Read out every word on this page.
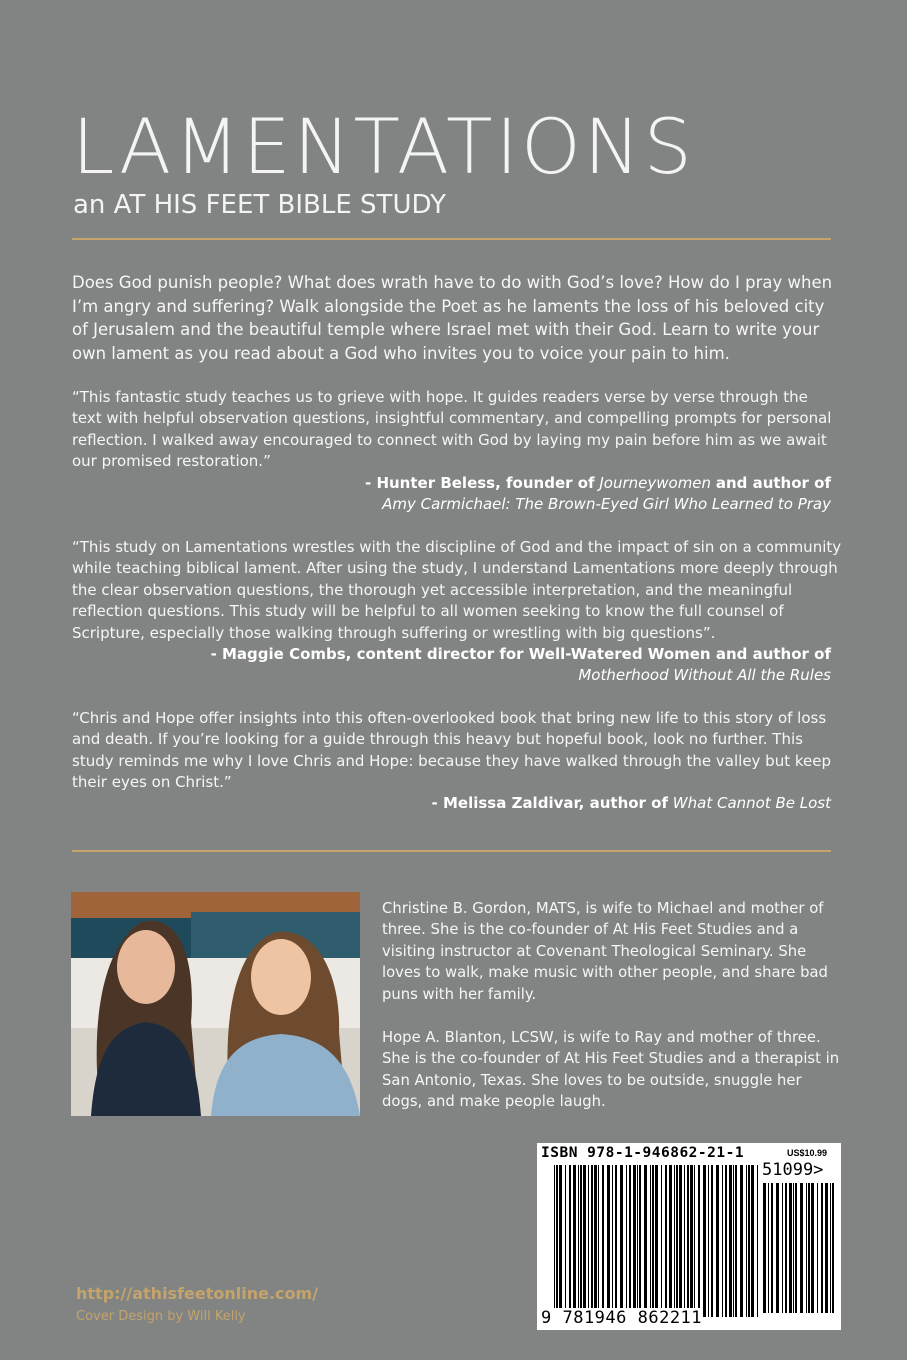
LAMENTATIONS
an AT HIS FEET BIBLE STUDY

Does God punish people? What does wrath have to do with God’s love? How do I pray when I’m angry and suffering? Walk alongside the Poet as he laments the loss of his beloved city of Jerusalem and the beautiful temple where Israel met with their God. Learn to write your own lament as you read about a God who invites you to voice your pain to him.

“This fantastic study teaches us to grieve with hope. It guides readers verse by verse through the text with helpful observation questions, insightful commentary, and compelling prompts for personal reflection. I walked away encouraged to connect with God by laying my pain before him as we await our promised restoration.”

- Hunter Beless, founder of Journeywomen and author of
Amy Carmichael: The Brown-Eyed Girl Who Learned to Pray

“This study on Lamentations wrestles with the discipline of God and the impact of sin on a community while teaching biblical lament. After using the study, I understand Lamentations more deeply through the clear observation questions, the thorough yet accessible interpretation, and the meaningful reflection questions. This study will be helpful to all women seeking to know the full counsel of Scripture, especially those walking through suffering or wrestling with big questions”.

- Maggie Combs, content director for Well-Watered Women and author of
Motherhood Without All the Rules

“Chris and Hope offer insights into this often-overlooked book that bring new life to this story of loss and death. If you’re looking for a guide through this heavy but hopeful book, look no further. This study reminds me why I love Chris and Hope: because they have walked through the valley but keep their eyes on Christ.”

- Melissa Zaldivar, author of What Cannot Be Lost

Christine B. Gordon, MATS, is wife to Michael and mother of three. She is the co-founder of At His Feet Studies and a visiting instructor at Covenant Theological Seminary. She loves to walk, make music with other people, and share bad puns with her family.

Hope A. Blanton, LCSW, is wife to Ray and mother of three. She is the co-founder of At His Feet Studies and a therapist in San Antonio, Texas. She loves to be outside, snuggle her dogs, and make people laugh.

ISBN 978-1-946862-21-1	US$10.99
51099>
9 781946 862211
http://athisfeetonline.com/
Cover Design by Will Kelly
